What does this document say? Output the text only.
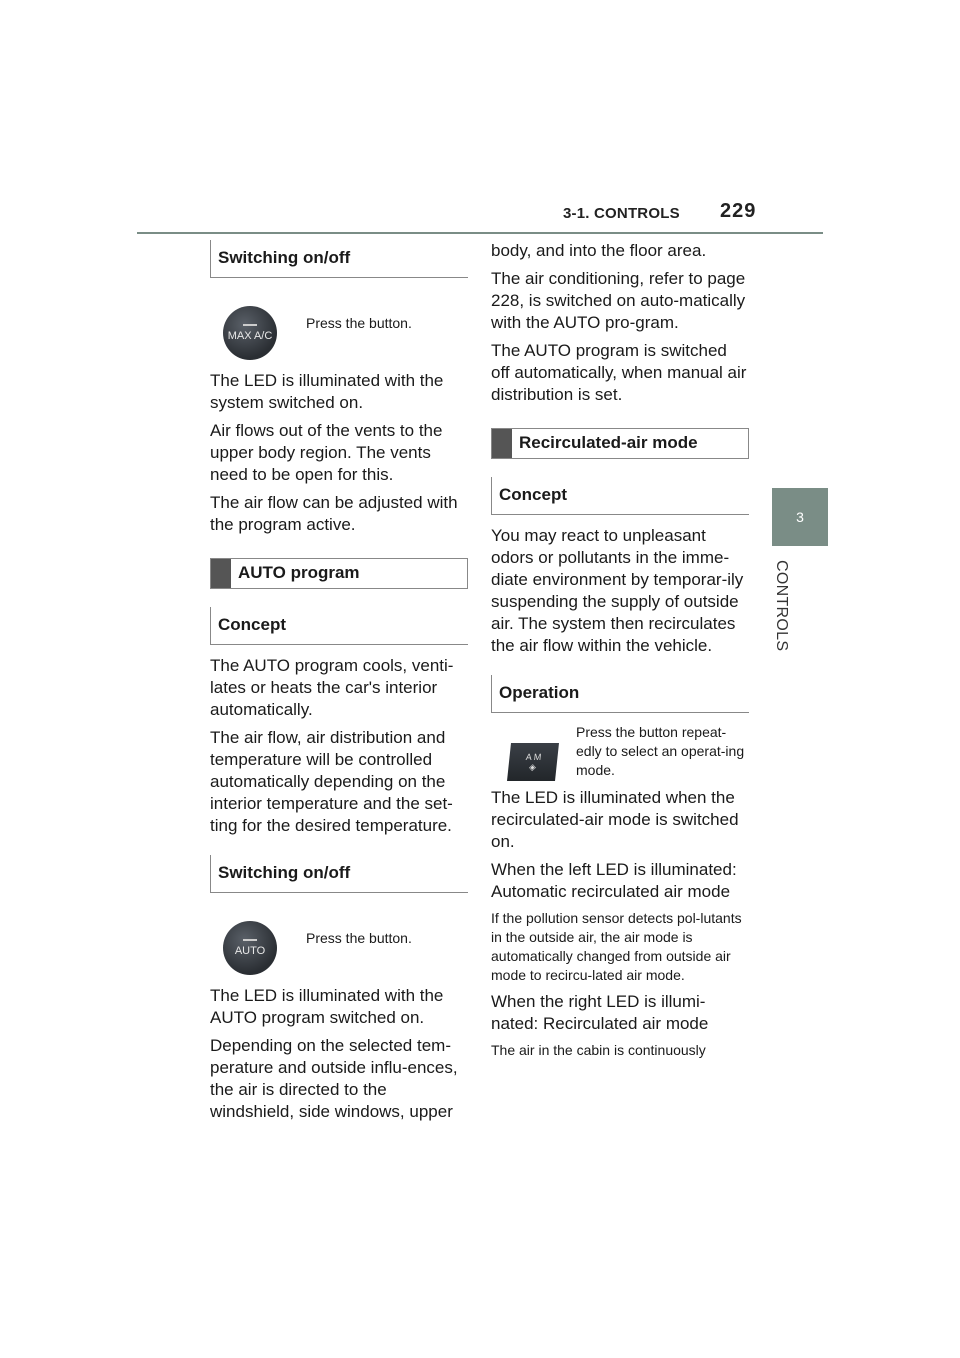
3-1. CONTROLS 229
3
CONTROLS
Switching on/off
MAX A/C
Press the button.

The LED is illuminated with the system switched on.

Air flows out of the vents to the upper body region. The vents need to be open for this.

The air flow can be adjusted with the program active.

AUTO program
Concept

The AUTO program cools, venti-lates or heats the car's interior automatically.

The air flow, air distribution and temperature will be controlled automatically depending on the interior temperature and the set-ting for the desired temperature.

Switching on/off
AUTO
Press the button.

The LED is illuminated with the AUTO program switched on.

Depending on the selected tem-perature and outside influ-ences, the air is directed to the windshield, side windows, upper

body, and into the floor area.

The air conditioning, refer to page 228, is switched on auto-matically with the AUTO pro-gram.

The AUTO program is switched off automatically, when manual air distribution is set.

Recirculated-air mode
Concept

You may react to unpleasant odors or pollutants in the imme-diate environment by temporar-ily suspending the supply of outside air. The system then recirculates the air flow within the vehicle.

Operation
A M
◈
Press the button repeat-edly to select an operat-ing mode.

The LED is illuminated when the recirculated-air mode is switched on.

When the left LED is illuminated: Automatic recirculated air mode

If the pollution sensor detects pol-lutants in the outside air, the air mode is automatically changed from outside air mode to recircu-lated air mode.

When the right LED is illumi-nated: Recirculated air mode

The air in the cabin is continuously
